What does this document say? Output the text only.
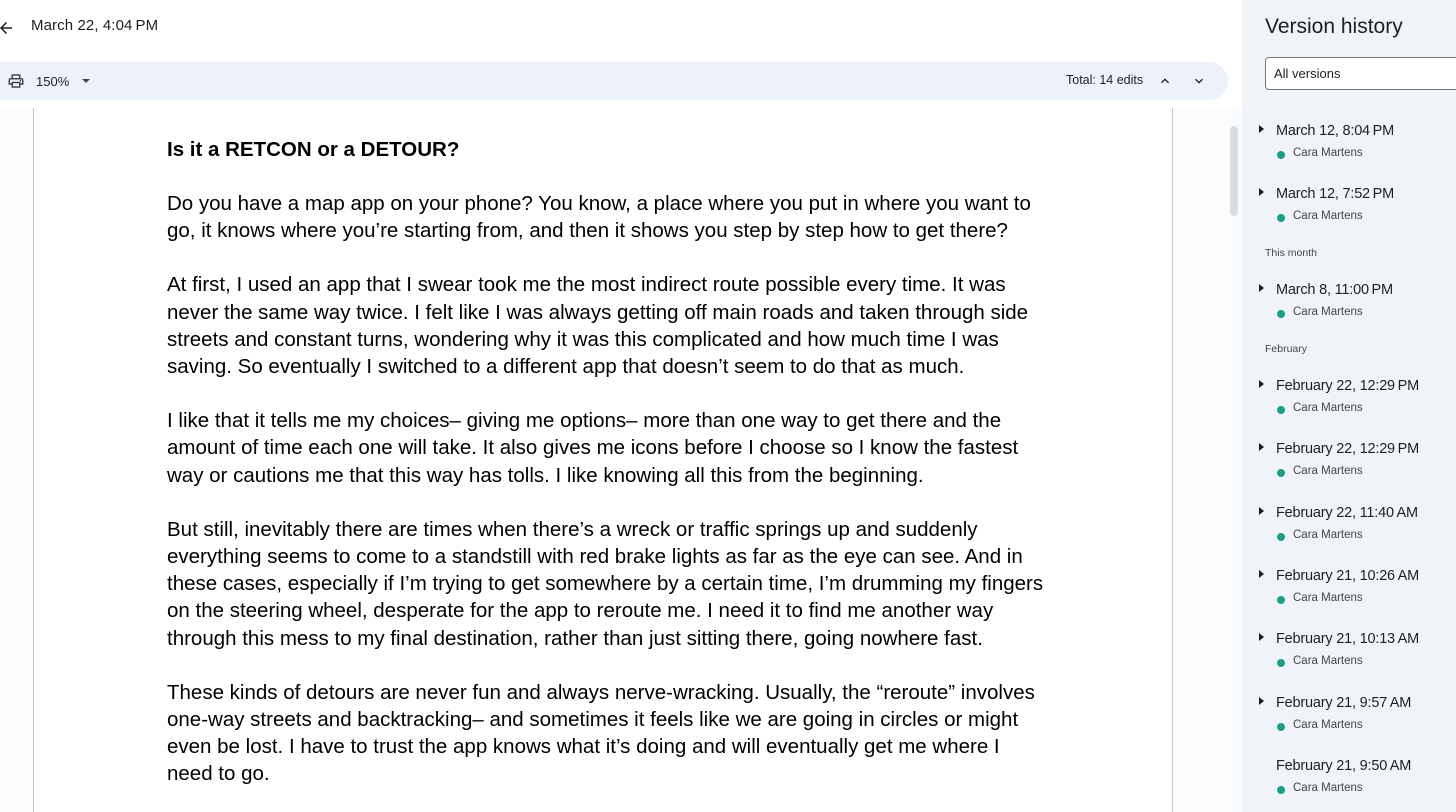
March 22, 4:04 PM
150%	Total: 14 edits
Is it a RETCON or a DETOUR?

Do you have a map app on your phone? You know, a place where you put in where you want to go, it knows where you’re starting from, and then it shows you step by step how to get there?

At first, I used an app that I swear took me the most indirect route possible every time. It was never the same way twice. I felt like I was always getting off main roads and taken through side streets and constant turns, wondering why it was this complicated and how much time I was saving. So eventually I switched to a different app that doesn’t seem to do that as much.

I like that it tells me my choices– giving me options– more than one way to get there and the amount of time each one will take. It also gives me icons before I choose so I know the fastest way or cautions me that this way has tolls. I like knowing all this from the beginning.

But still, inevitably there are times when there’s a wreck or traffic springs up and suddenly everything seems to come to a standstill with red brake lights as far as the eye can see. And in these cases, especially if I’m trying to get somewhere by a certain time, I’m drumming my fingers on the steering wheel, desperate for the app to reroute me. I need it to find me another way through this mess to my final destination, rather than just sitting there, going nowhere fast.

These kinds of detours are never fun and always nerve-wracking. Usually, the “reroute” involves one-way streets and backtracking– and sometimes it feels like we are going in circles or might even be lost. I have to trust the app knows what it’s doing and will eventually get me where I need to go.

Version history
All versions
March 12, 8:04 PM
Cara Martens
March 12, 7:52 PM
Cara Martens
This month
March 8, 11:00 PM
Cara Martens
February
February 22, 12:29 PM
Cara Martens
February 22, 12:29 PM
Cara Martens
February 22, 11:40 AM
Cara Martens
February 21, 10:26 AM
Cara Martens
February 21, 10:13 AM
Cara Martens
February 21, 9:57 AM
Cara Martens
February 21, 9:50 AM
Cara Martens
